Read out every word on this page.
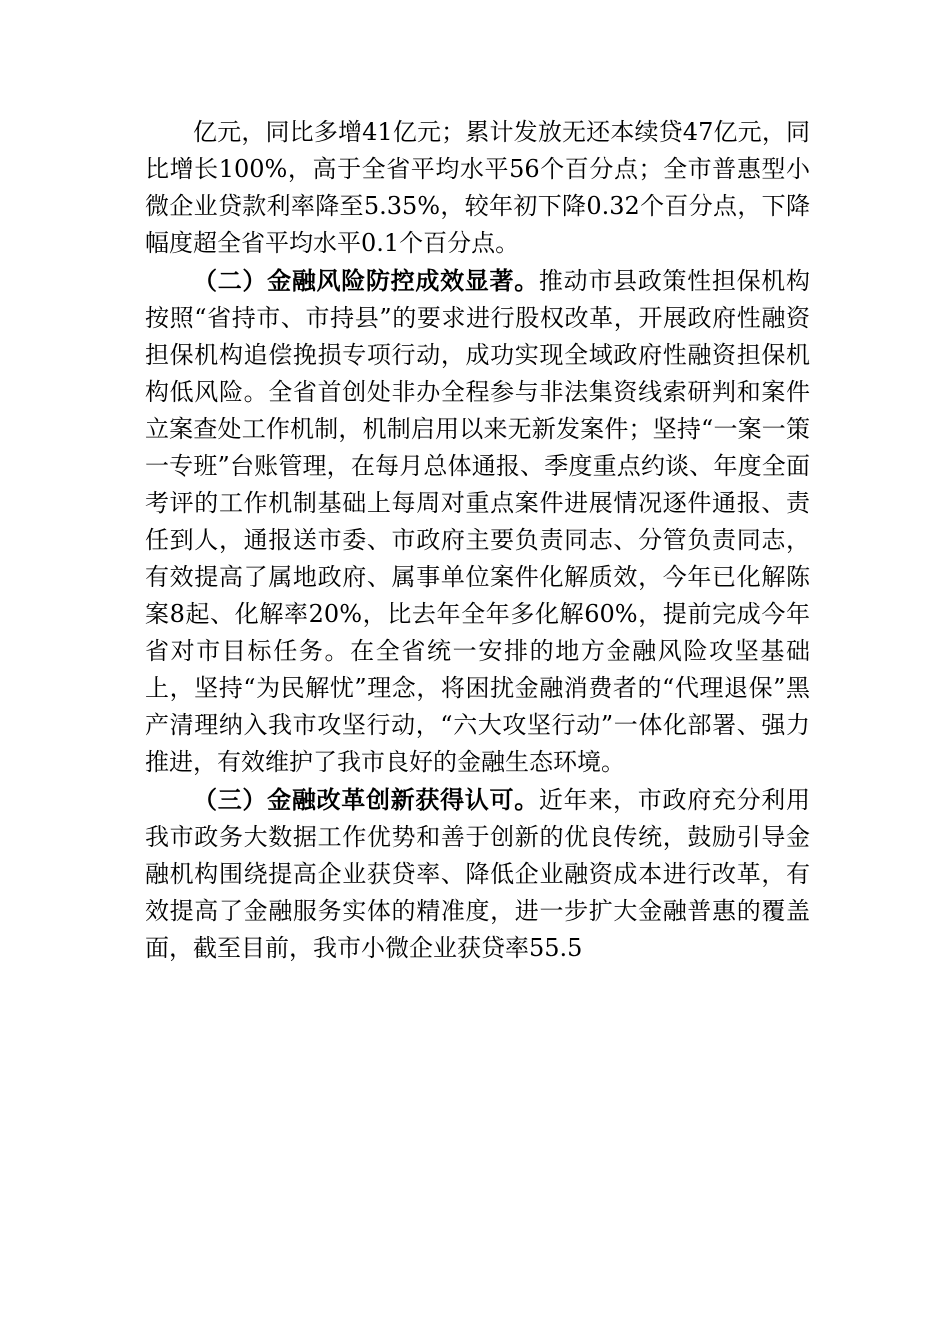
亿元，同比多增41亿元；累计发放无还本续贷47亿元，同比增长100%，高于全省平均水平56个百分点；全市普惠型小微企业贷款利率降至5.35%，较年初下降0.32个百分点，下降幅度超全省平均水平0.1个百分点。

（二）金融风险防控成效显著。推动市县政策性担保机构按照“省持市、市持县”的要求进行股权改革，开展政府性融资担保机构追偿挽损专项行动，成功实现全域政府性融资担保机构低风险。全省首创处非办全程参与非法集资线索研判和案件立案查处工作机制，机制启用以来无新发案件；坚持“一案一策一专班”台账管理，在每月总体通报、季度重点约谈、年度全面考评的工作机制基础上每周对重点案件进展情况逐件通报、责任到人，通报送市委、市政府主要负责同志、分管负责同志，有效提高了属地政府、属事单位案件化解质效，今年已化解陈案8起、化解率20%，比去年全年多化解60%，提前完成今年省对市目标任务。在全省统一安排的地方金融风险攻坚基础上，坚持“为民解忧”理念，将困扰金融消费者的“代理退保”黑产清理纳入我市攻坚行动，“六大攻坚行动”一体化部署、强力推进，有效维护了我市良好的金融生态环境。

（三）金融改革创新获得认可。近年来，市政府充分利用我市政务大数据工作优势和善于创新的优良传统，鼓励引导金融机构围绕提高企业获贷率、降低企业融资成本进行改革，有效提高了金融服务实体的精准度，进一步扩大金融普惠的覆盖面，截至目前，我市小微企业获贷率55.5
